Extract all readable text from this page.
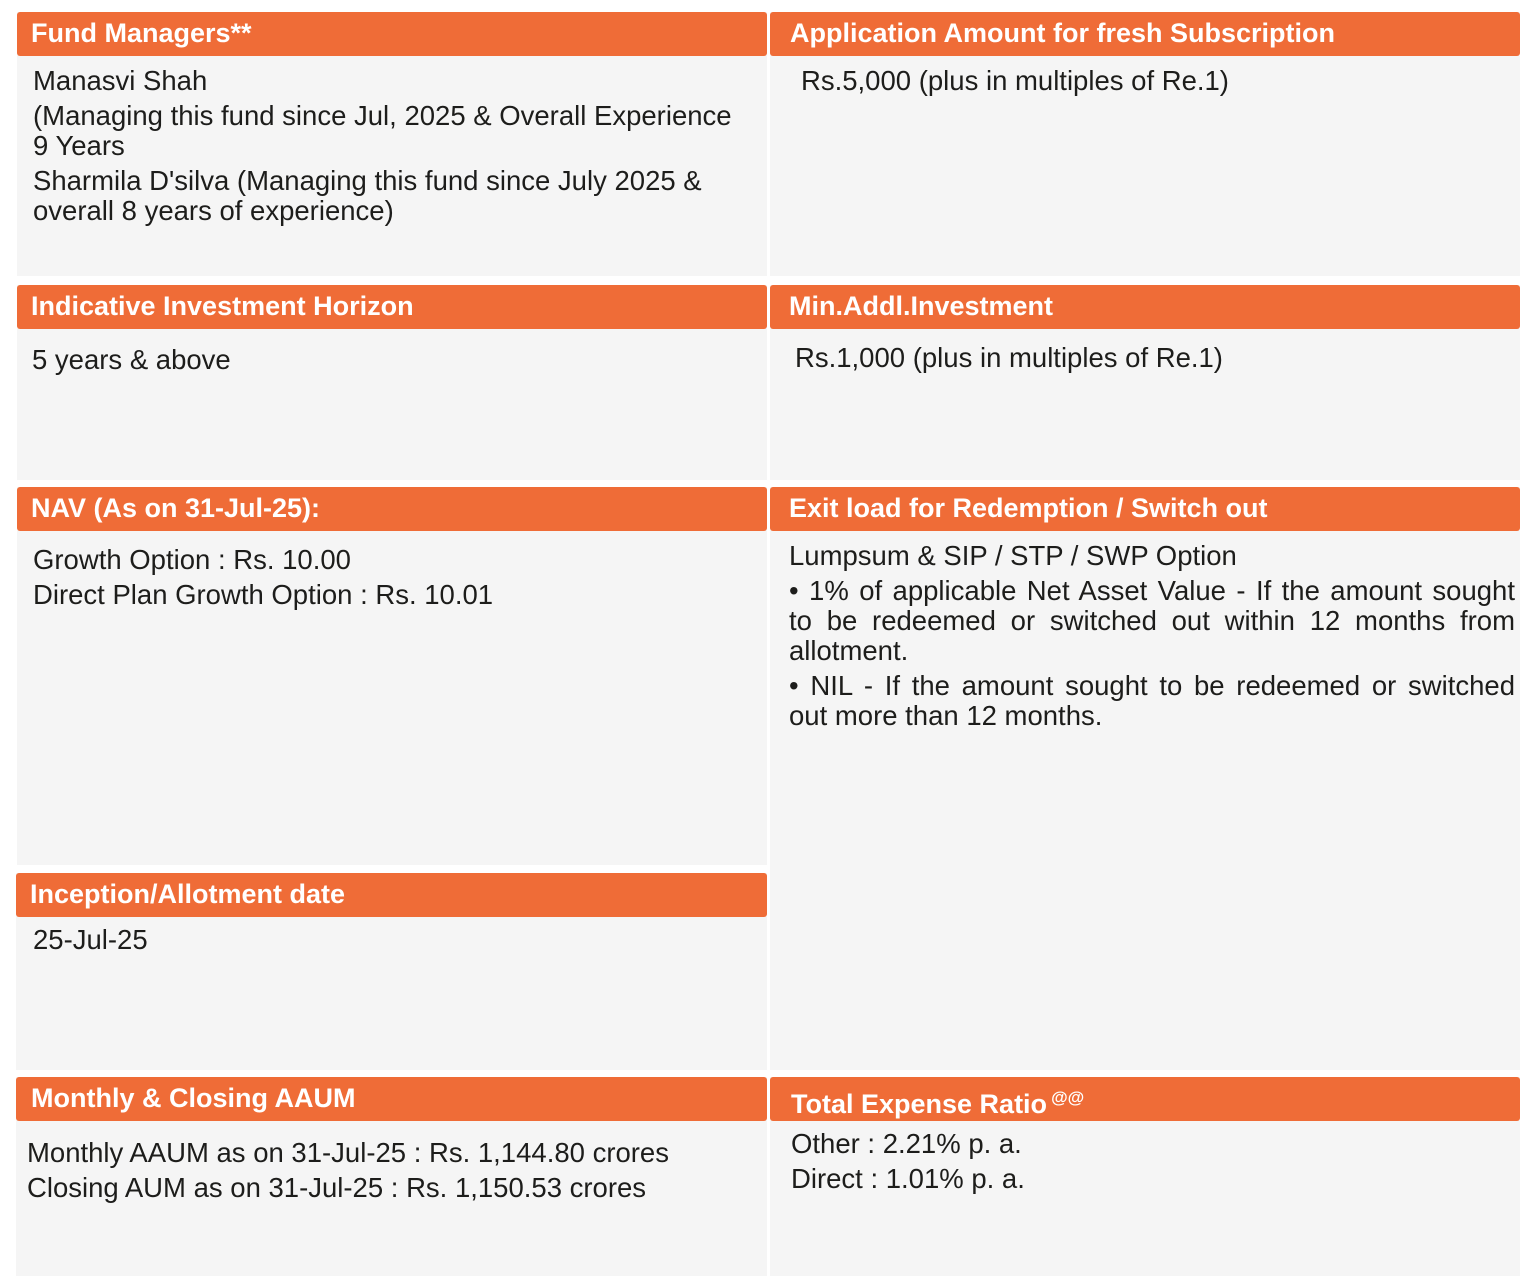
Fund Managers**

Manasvi Shah

(Managing this fund since Jul, 2025 & Overall Experience 9 Years

Sharmila D'silva (Managing this fund since July 2025 & overall 8 years of experience)

Application Amount for fresh Subscription

Rs.5,000 (plus in multiples of Re.1)

Indicative Investment Horizon

5 years & above

Min.Addl.Investment

Rs.1,000 (plus in multiples of Re.1)

NAV (As on 31-Jul-25):
Growth Option : Rs. 10.00
Direct Plan Growth Option : Rs. 10.01
Exit load for Redemption / Switch out

Lumpsum & SIP / STP / SWP Option

• 1% of applicable Net Asset Value - If the amount sought to be redeemed or switched out within 12 months from allotment.

• NIL - If the amount sought to be redeemed or switched out more than 12 months.

Inception/Allotment date

25-Jul-25

Monthly & Closing AAUM
Monthly AAUM as on 31-Jul-25 : Rs. 1,144.80 crores
Closing AUM as on 31-Jul-25 : Rs. 1,150.53 crores
Total Expense Ratio @@
Other : 2.21% p. a.
Direct : 1.01% p. a.
